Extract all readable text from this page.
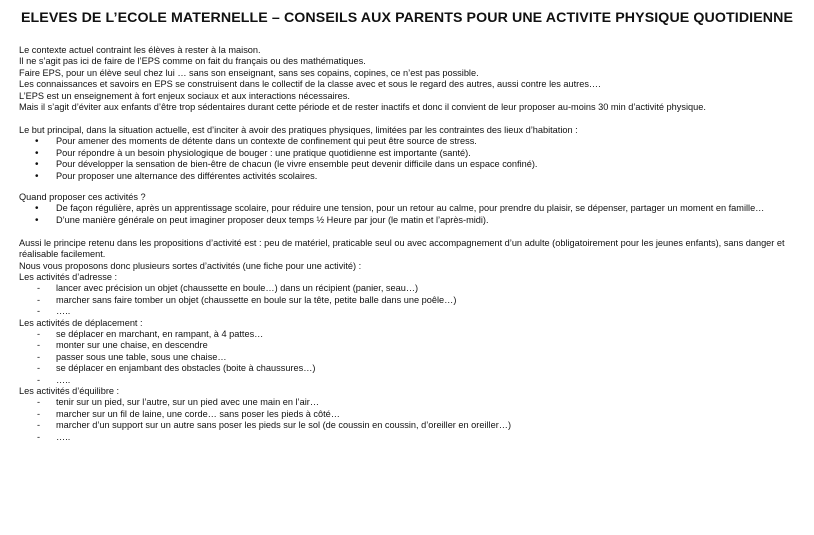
ELEVES DE L’ECOLE MATERNELLE – CONSEILS AUX PARENTS POUR UNE ACTIVITE PHYSIQUE QUOTIDIENNE
Le contexte actuel contraint les élèves à rester à la maison.
Il ne s’agit pas ici de faire de l’EPS comme on fait du français ou des mathématiques.
Faire EPS, pour un élève seul chez lui … sans son enseignant, sans ses copains, copines, ce n’est pas possible.
Les connaissances et savoirs en EPS se construisent dans le collectif de la classe avec et sous le regard des autres, aussi contre les autres….
L’EPS est un enseignement à fort enjeux sociaux et aux interactions nécessaires.
Mais il s’agit d’éviter aux enfants d’être trop sédentaires durant cette période et de rester inactifs et donc il convient de leur proposer au-moins 30 min d’activité physique.
Le but principal, dans la situation actuelle, est d’inciter à avoir des pratiques physiques, limitées par les contraintes des lieux d’habitation :
• Pour amener des moments de détente dans un contexte de confinement qui peut être source de stress.
• Pour répondre à un besoin physiologique de bouger : une pratique quotidienne est importante (santé).
• Pour développer la sensation de bien-être de chacun (le vivre ensemble peut devenir difficile dans un espace confiné).
• Pour proposer une alternance des différentes activités scolaires.
Quand proposer ces activités ?
• De façon régulière, après un apprentissage scolaire, pour réduire une tension, pour un retour au calme, pour prendre du plaisir, se dépenser, partager un moment en famille…
• D’une manière générale on peut imaginer proposer deux temps ½ Heure par jour (le matin et l’après-midi).
Aussi le principe retenu dans les propositions d’activité est : peu de matériel, praticable seul ou avec accompagnement d’un adulte (obligatoirement pour les jeunes enfants), sans danger et réalisable facilement.
Nous vous proposons donc plusieurs sortes d’activités (une fiche pour une activité) :
Les activités d’adresse :
- lancer avec précision un objet (chaussette en boule…) dans un récipient (panier, seau…)
- marcher sans faire tomber un objet (chaussette en boule sur la tête, petite balle dans une poêle…)
- …..
Les activités de déplacement :
- se déplacer en marchant, en rampant, à 4 pattes…
- monter sur une chaise, en descendre
- passer sous une table, sous une chaise…
- se déplacer en enjambant des obstacles (boite à chaussures…)
- …..
Les activités d’équilibre :
- tenir sur un pied, sur l’autre, sur un pied avec une main en l’air…
- marcher sur un fil de laine, une corde… sans poser les pieds à côté…
- marcher d’un support sur un autre sans poser les pieds sur le sol (de coussin en coussin, d’oreiller en oreiller…)
- …..
